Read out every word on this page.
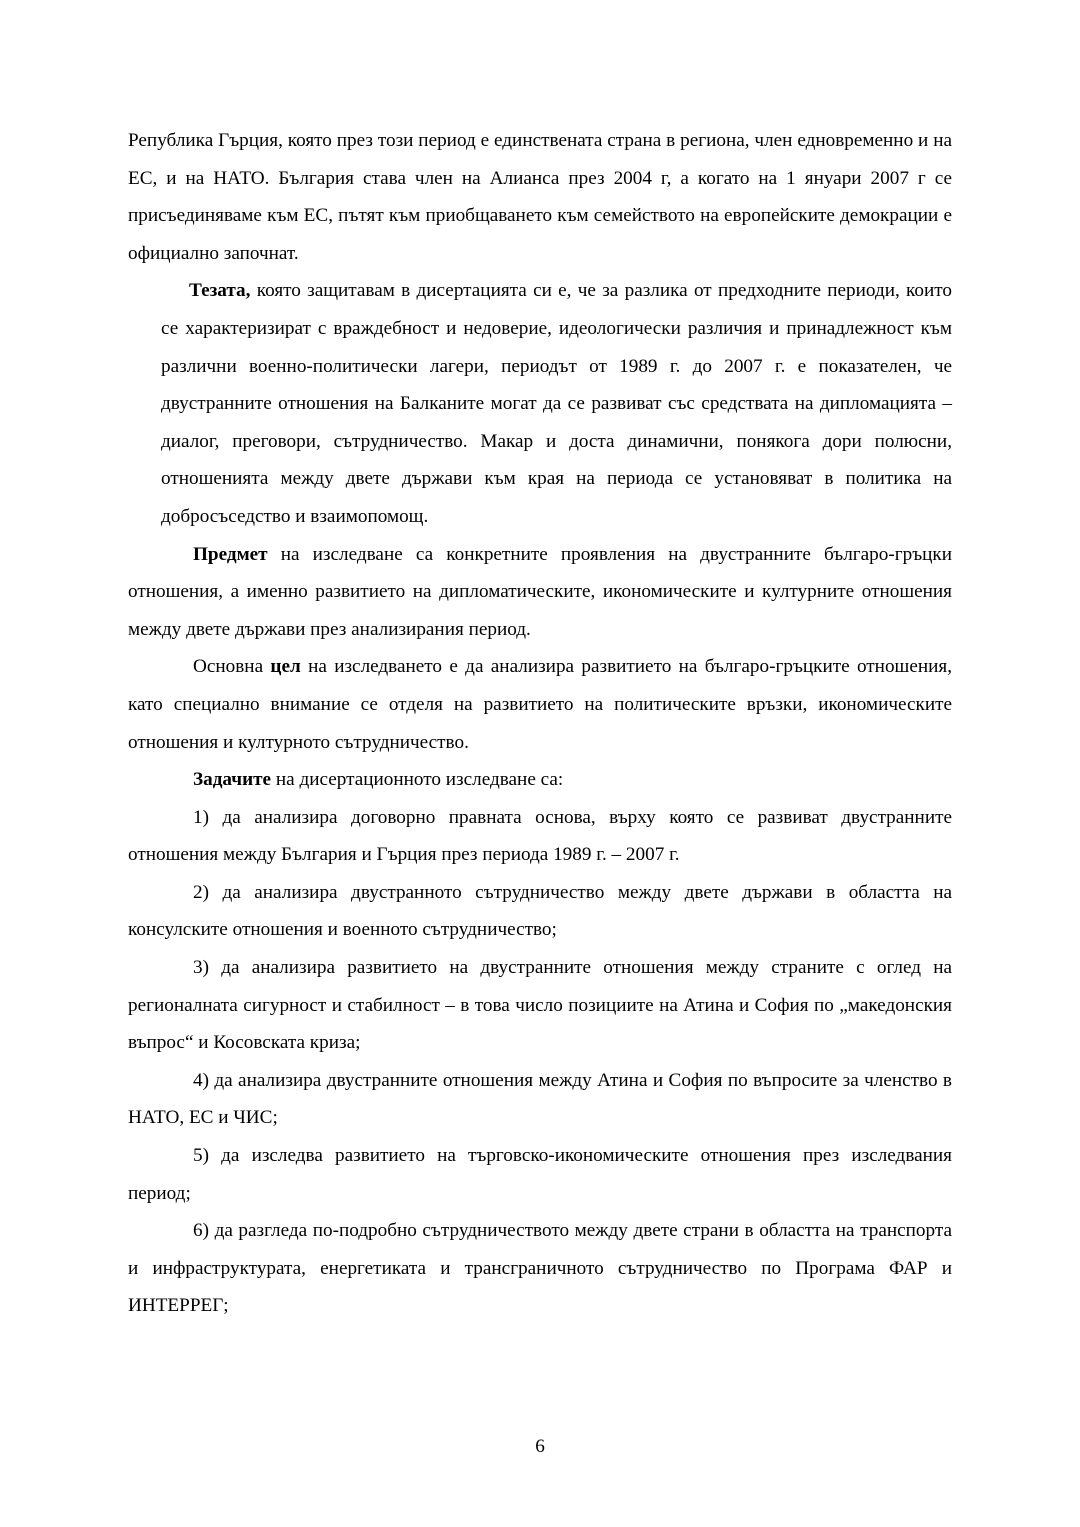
Република Гърция, която през този период е единствената страна в региона, член едновременно и на ЕС, и на НАТО. България става член на Алианса през 2004 г, а когато на 1 януари 2007 г се присъединяваме към ЕС, пътят към приобщаването към семейството на европейските демокрации е официално започнат.

Тезата, която защитавам в дисертацията си е, че за разлика от предходните периоди, които се характеризират с враждебност и недоверие, идеологически различия и принадлежност към различни военно-политически лагери, периодът от 1989 г. до 2007 г. е показателен, че двустранните отношения на Балканите могат да се развиват със средствата на дипломацията – диалог, преговори, сътрудничество. Макар и доста динамични, понякога дори полюсни, отношенията между двете държави към края на периода се установяват в политика на добросъседство и взаимопомощ.

Предмет на изследване са конкретните проявления на двустранните българо-гръцки отношения, а именно развитието на дипломатическите, икономическите и културните отношения между двете държави през анализирания период.

Основна цел на изследването е да анализира развитието на българо-гръцките отношения, като специално внимание се отделя на развитието на политическите връзки, икономическите отношения и културното сътрудничество.

Задачите на дисертационното изследване са:

1) да анализира договорно правната основа, върху която се развиват двустранните отношения между България и Гърция през периода 1989 г. – 2007 г.

2) да анализира двустранното сътрудничество между двете държави в областта на консулските отношения и военното сътрудничество;

3) да анализира развитието на двустранните отношения между страните с оглед на регионалната сигурност и стабилност – в това число позициите на Атина и София по „македонския въпрос“ и Косовската криза;

4) да анализира двустранните отношения между Атина и София по въпросите за членство в НАТО, ЕС и ЧИС;

5) да изследва развитието на търговско-икономическите отношения през изследвания период;

6) да разгледа по-подробно сътрудничеството между двете страни в областта на транспорта и инфраструктурата, енергетиката и трансграничното сътрудничество по Програма ФАР и ИНТЕРРЕГ;

6
